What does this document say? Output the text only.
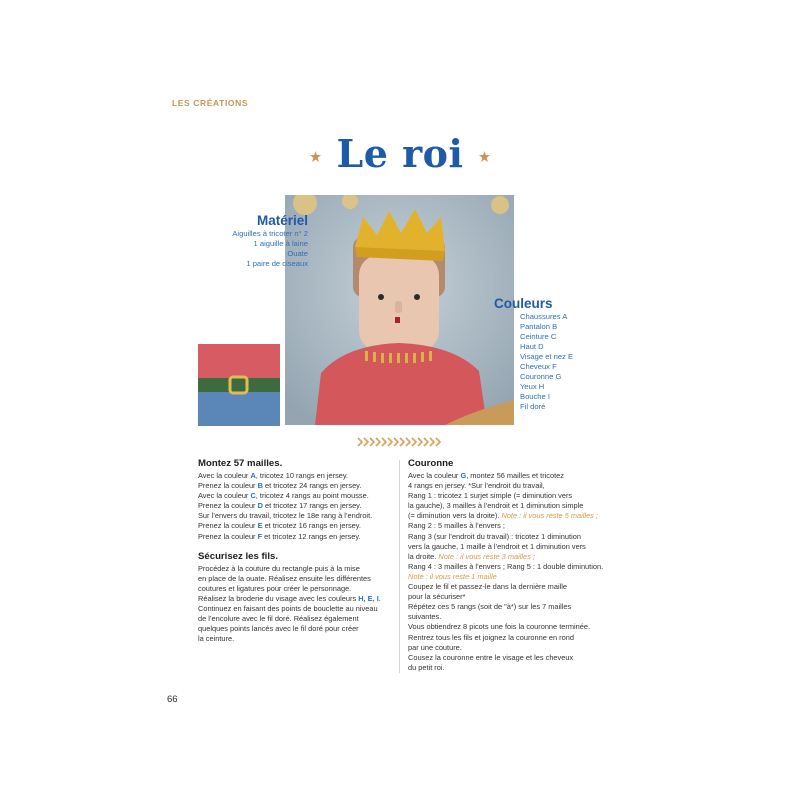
LES CRÉATIONS
Le roi
Matériel
Aiguilles à tricoter n° 2
1 aiguille à laine
Ouate
1 paire de ciseaux
Couleurs
Chaussures A
Pantalon B
Ceinture C
Haut D
Visage et nez E
Cheveux F
Couronne G
Yeux H
Bouche I
Fil doré
Montez 57 mailles.
Avec la couleur A, tricotez 10 rangs en jersey.
Prenez la couleur B et tricotez 24 rangs en jersey.
Avec la couleur C, tricotez 4 rangs au point mousse.
Prenez la couleur D et tricotez 17 rangs en jersey.
Sur l’envers du travail, tricotez le 18e rang à l’endroit.
Prenez la couleur E et tricotez 16 rangs en jersey.
Prenez la couleur F et tricotez 12 rangs en jersey.
Sécurisez les fils.
Procédez à la couture du rectangle puis à la mise
en place de la ouate. Réalisez ensuite les différentes
coutures et ligatures pour créer le personnage.
Réalisez la broderie du visage avec les couleurs H, E, I.
Continuez en faisant des points de bouclette au niveau
de l’encolure avec le fil doré. Réalisez également
quelques points lancés avec le fil doré pour créer
la ceinture.
Couronne
Avec la couleur G, montez 56 mailles et tricotez
4 rangs en jersey. *Sur l’endroit du travail,
Rang 1 : tricotez 1 surjet simple (= diminution vers
la gauche), 3 mailles à l’endroit et 1 diminution simple
(= diminution vers la droite). Note : il vous reste 5 mailles ;
Rang 2 : 5 mailles à l’envers ;
Rang 3 (sur l’endroit du travail) : tricotez 1 diminution
vers la gauche, 1 maille à l’endroit et 1 diminution vers
la droite. Note : il vous reste 3 mailles ;
Rang 4 : 3 mailles à l’envers ; Rang 5 : 1 double diminution.
Note : il vous reste 1 maille
Coupez le fil et passez-le dans la dernière maille
pour la sécuriser*
Répétez ces 5 rangs (soit de "à*) sur les 7 mailles
suivantes.
Vous obtiendrez 8 picots une fois la couronne terminée.
Rentrez tous les fils et joignez la couronne en rond
par une couture.
Cousez la couronne entre le visage et les cheveux
du petit roi.
66
